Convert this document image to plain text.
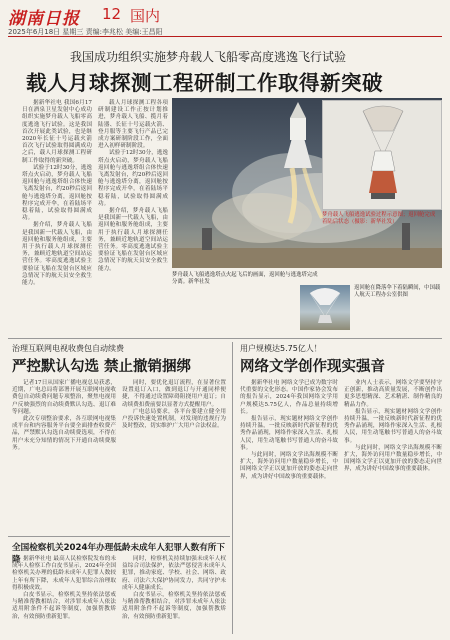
湖南日报 12 国内
2025年6月18日 星期三 责编:李兆松 美编:王昌阳
我国成功组织实施梦舟载人飞船零高度逃逸飞行试验
载人月球探测工程研制工作取得新突破

据新华社电 我国6月17日在酒泉卫星发射中心成功组织实施梦舟载人飞船零高度逃逸飞行试验。这是我国首次开展此类试验，也是继2020年长征十号运载火箭首次飞行试验取得圆满成功之后，载人月球探测工程研制工作取得的新突破。

试验于12时30分，逃逸塔点火启动，梦舟载人飞船返回舱与逃逸塔组合体快速飞离发射台，约20秒后返回舱与逃逸塔分离，返回舱按程序完成开伞，在着陆场平稳着陆，试验取得圆满成功。

据介绍，梦舟载人飞船是我国新一代载人飞船，由返回舱和服务舱组成，主要用于执行载人月球探测任务，兼顾近地轨道空间站运营任务。零高度逃逸试验主要验证飞船在发射台区域应急情况下的航天员安全救生能力。

载人月球探测工程各项研制建设工作正按计划推进，梦舟载人飞船、揽月着陆器、长征十号运载火箭、登月服等主要飞行产品已完成方案研制阶段工作，全面进入初样研制阶段。

试验于12时30分，逃逸塔点火启动，梦舟载人飞船返回舱与逃逸塔组合体快速飞离发射台，约20秒后返回舱与逃逸塔分离，返回舱按程序完成开伞，在着陆场平稳着陆，试验取得圆满成功。

据介绍，梦舟载人飞船是我国新一代载人飞船，由返回舱和服务舱组成，主要用于执行载人月球探测任务，兼顾近地轨道空间站运营任务。零高度逃逸试验主要验证飞船在发射台区域应急情况下的航天员安全救生能力。

梦舟载人飞船逃逸试验过程示意图；返回舱完成着陆后状态（摄影：新华社发）
梦舟载人飞船逃逸塔点火起飞后的画面，返回舱与逃逸塔完成分离。新华社发
返回舱在降落伞下着陆瞬间，中国载人航天工程办公室供图
治理互联网电视收费包自动续费
严控默认勾选 禁止撤销捆绑

记者17日从国家广播电视总局获悉，近期，广电总局将部署开展互联网电视收费包自动续费问题专项整治，聚焦电视用户反映强烈的自动续费默认勾选、退订难等问题。

此次专项整治要求，各互联网电视集成平台和内容服务平台要全面排查收费产品，严禁默认勾选自动续费选项，不得在用户未充分知情的情况下开通自动续费服务。

同时，要优化退订流程，在显著位置设置退订入口，做到退订与开通同样便捷，不得通过设置障碍阻挠用户退订；自动续费扣费前要以显著方式提醒用户。

广电总局要求，各平台要建立健全用户投诉快速处置机制，对发现的违规行为及时整改，切实维护广大用户合法权益。

用户规模达5.75亿人！
网络文学创作现实强音

据新华社电 网络文学已成为数字时代重要的文化形态。中国作家协会发布的报告显示，2024年我国网络文学用户规模达5.75亿人，作品总量持续增长。

报告显示，现实题材网络文学创作持续升温，一批反映新时代新征程的优秀作品涌现，网络作家深入生活、扎根人民，用生动笔触书写普通人的奋斗故事。

与此同时，网络文学出海规模不断扩大，海外访问用户数量稳步增长，中国网络文学正以更加开放的姿态走向世界，成为讲好中国故事的重要载体。

业内人士表示，网络文学要坚持守正创新，推动高质量发展，不断创作出更多思想精深、艺术精湛、制作精良的精品力作。

报告显示，现实题材网络文学创作持续升温，一批反映新时代新征程的优秀作品涌现，网络作家深入生活、扎根人民，用生动笔触书写普通人的奋斗故事。

与此同时，网络文学出海规模不断扩大，海外访问用户数量稳步增长，中国网络文学正以更加开放的姿态走向世界，成为讲好中国故事的重要载体。

全国检察机关2024年办理低龄未成年人犯罪人数有所下降 据新华社电 最高人民检察院发布的未成年人检察工作白皮书显示，2024年全国检察机关办理的低龄未成年人犯罪人数较上年有所下降，未成年人犯罪综合治理取得积极成效。

白皮书显示，检察机关坚持依法惩戒与精准帮教相结合，对涉罪未成年人依法适用附条件不起诉等制度，加强帮教矫治，有效预防重新犯罪。

同时，检察机关持续加强未成年人权益综合司法保护，依法严惩侵害未成年人犯罪，推动家庭、学校、社会、网络、政府、司法六大保护协同发力，共同守护未成年人健康成长。

白皮书显示，检察机关坚持依法惩戒与精准帮教相结合，对涉罪未成年人依法适用附条件不起诉等制度，加强帮教矫治，有效预防重新犯罪。
